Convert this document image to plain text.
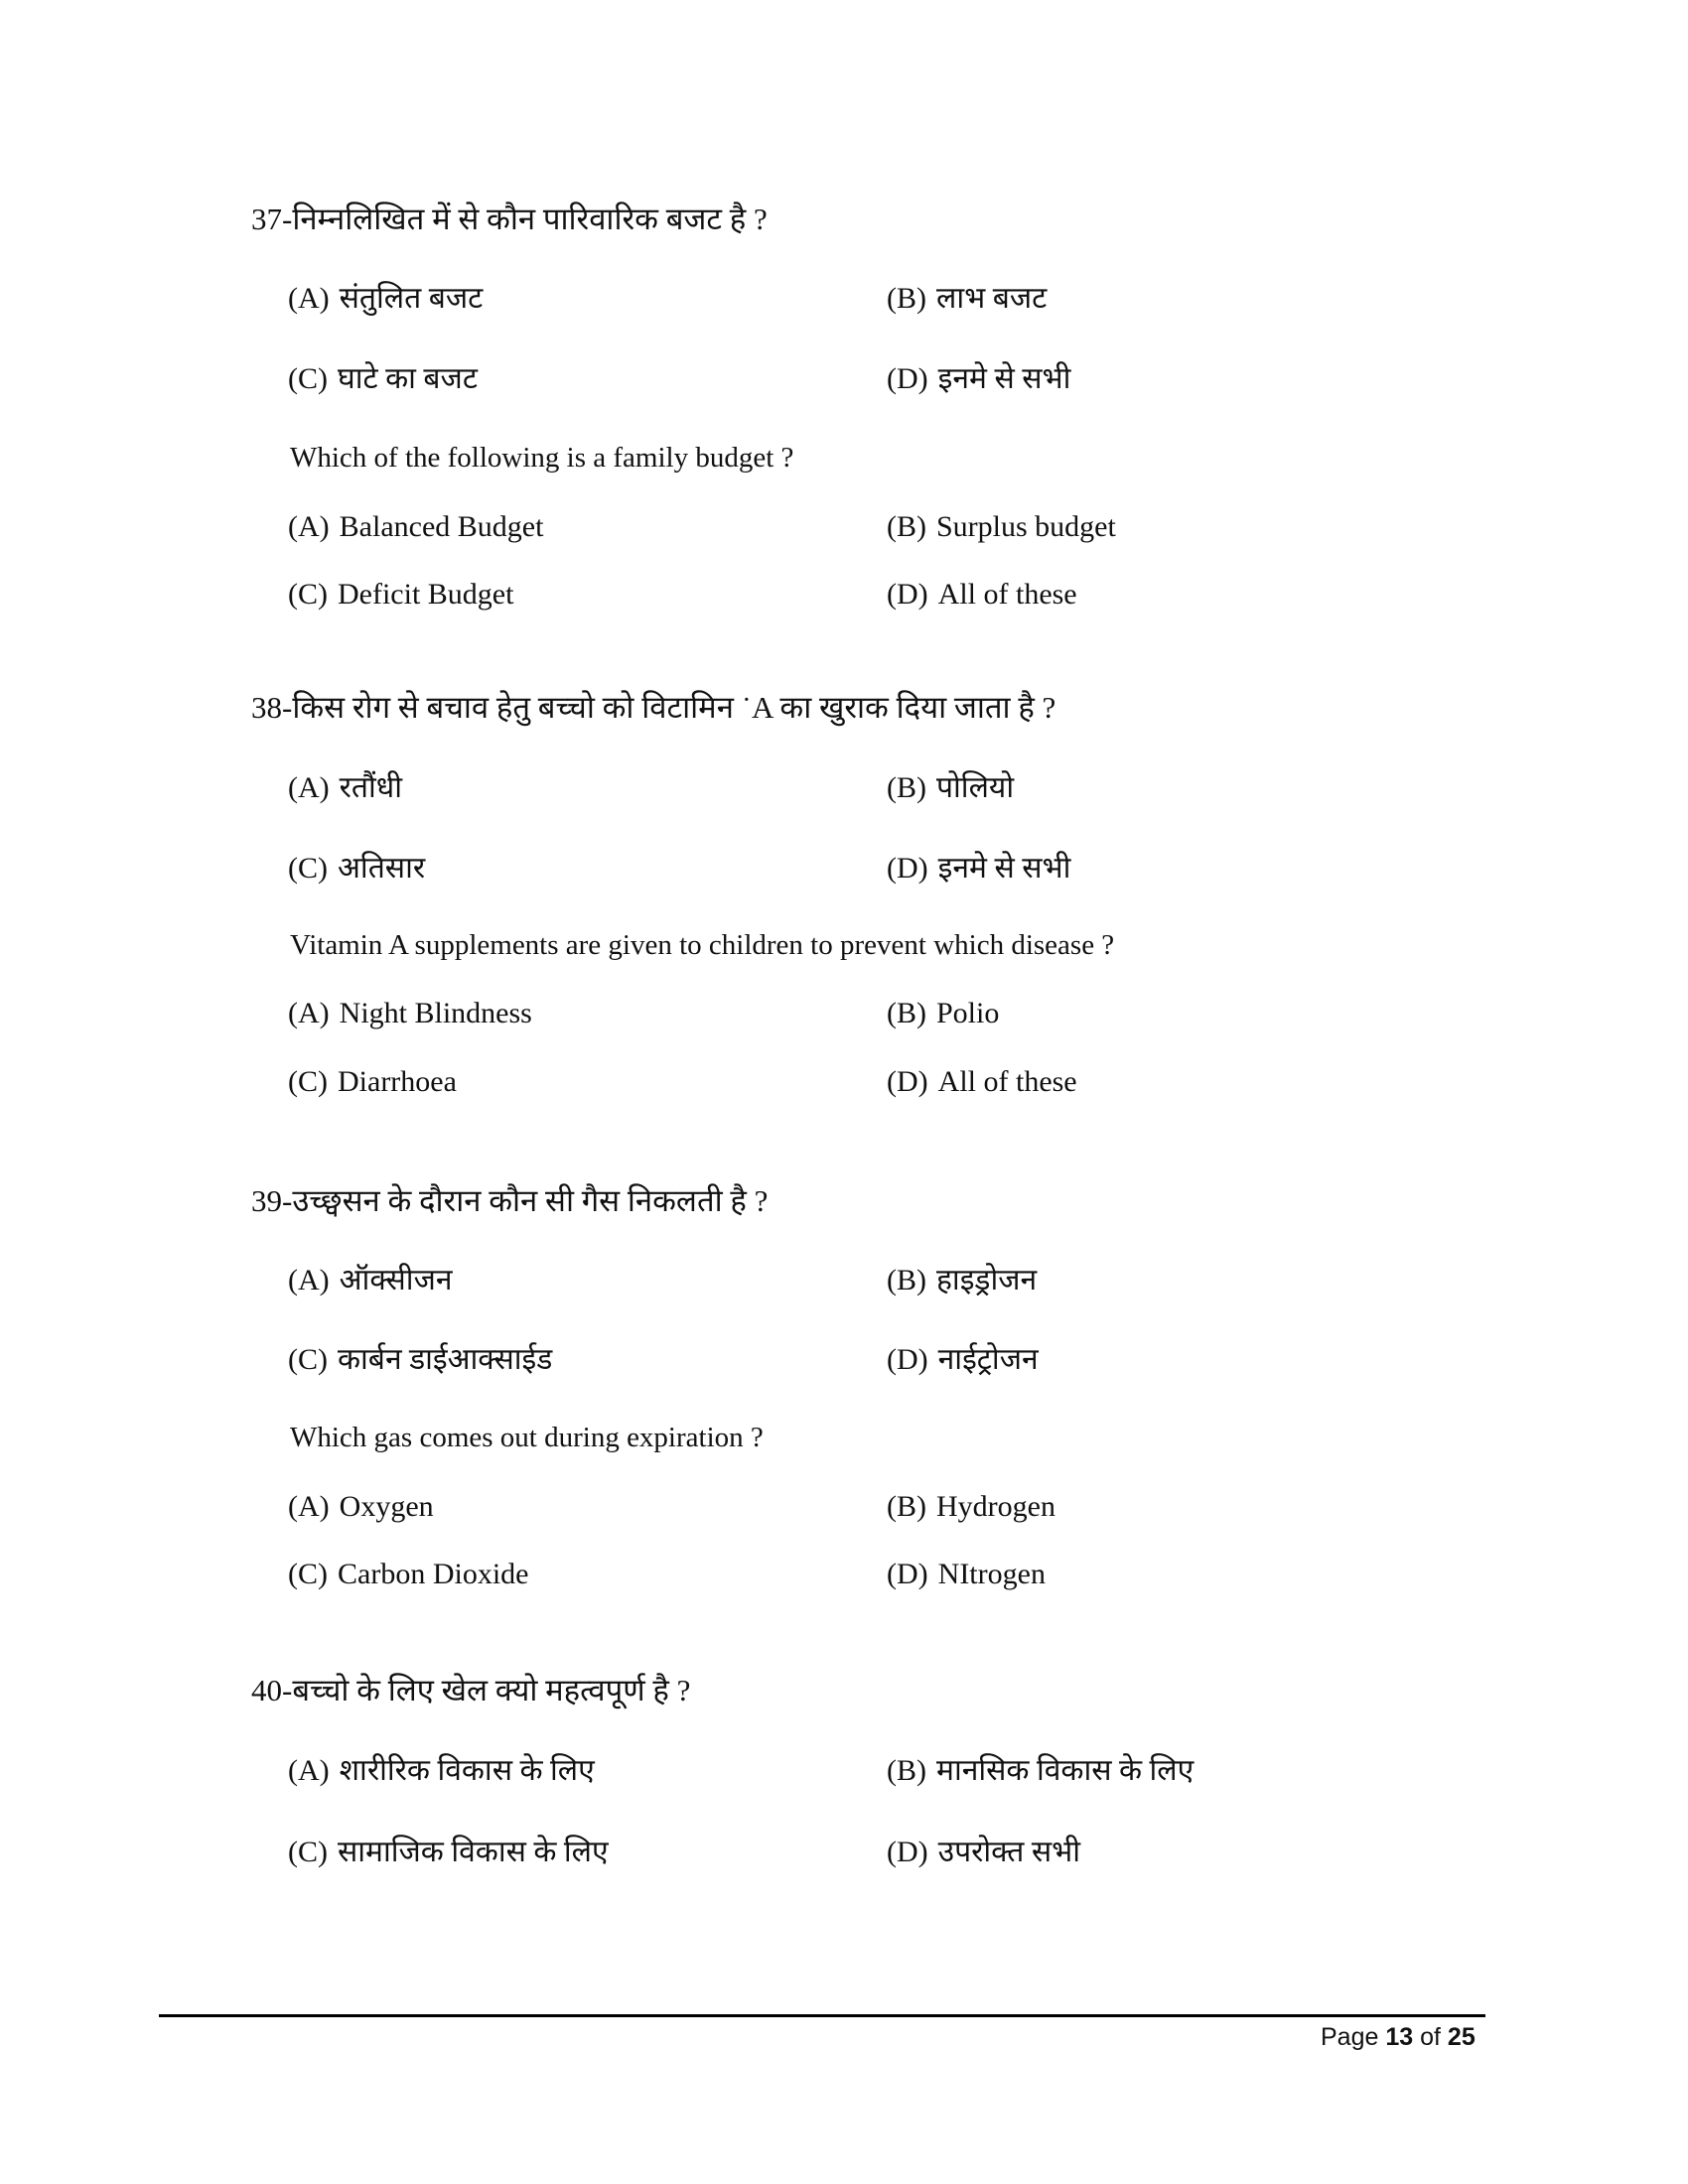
37-निम्नलिखित में से कौन पारिवारिक बजट है ?
(A) संतुलित बजट	(B) लाभ बजट
(C) घाटे का बजट	(D) इनमे से सभी
Which of the following is a family budget ?
(A) Balanced Budget	(B) Surplus budget
(C) Deficit Budget	(D) All of these
38-किस रोग से बचाव हेतु बच्चो को विटामिन ˙A का खुराक दिया जाता है ?
(A) रतौंधी	(B) पोलियो
(C) अतिसार	(D) इनमे से सभी
Vitamin A supplements are given to children to prevent which disease ?
(A) Night Blindness	(B) Polio
(C) Diarrhoea	(D) All of these
39-उच्छ्वसन के दौरान कौन सी गैस निकलती है ?
(A) ऑक्सीजन	(B) हाइड्रोजन
(C) कार्बन डाईआक्साईड	(D) नाईट्रोजन
Which gas comes out during expiration ?
(A) Oxygen	(B) Hydrogen
(C) Carbon Dioxide	(D) NItrogen
40-बच्चो के लिए खेल क्यो महत्वपूर्ण है ?
(A) शारीरिक विकास के लिए	(B) मानसिक विकास के लिए
(C) सामाजिक विकास के लिए	(D) उपरोक्त सभी
Page 13 of 25
